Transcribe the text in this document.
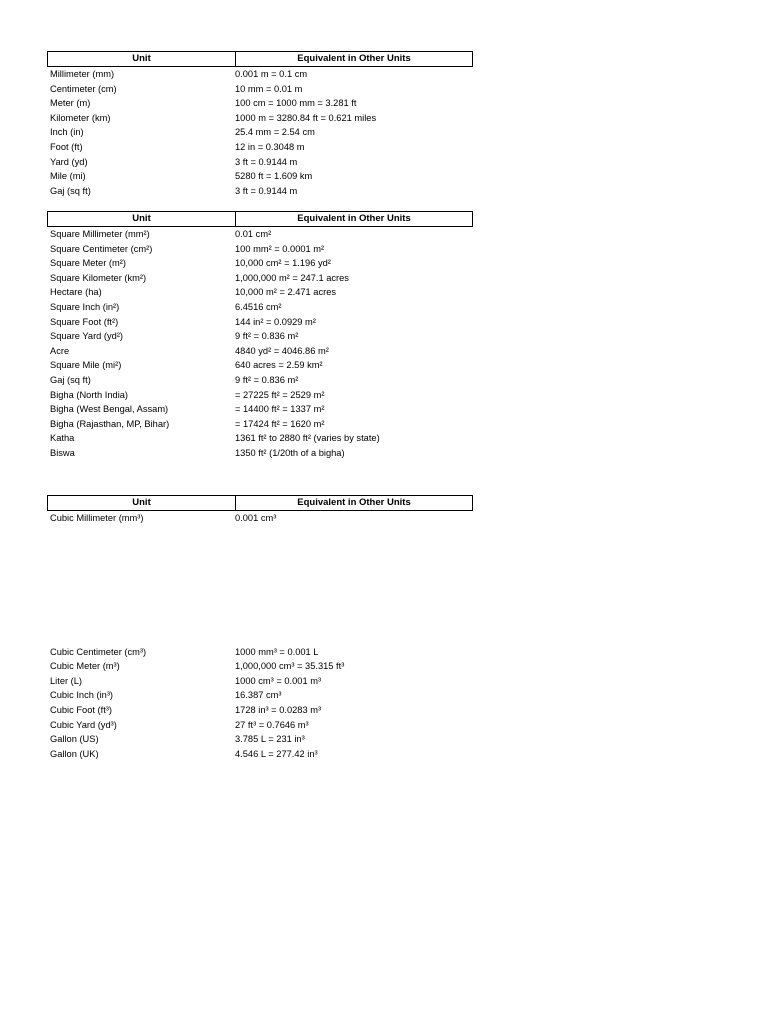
Unit	Equivalent in Other Units
Millimeter (mm)	0.001 m = 0.1 cm
Centimeter (cm)	10 mm = 0.01 m
Meter (m)	100 cm = 1000 mm = 3.281 ft
Kilometer (km)	1000 m = 3280.84 ft = 0.621 miles
Inch (in)	25.4 mm = 2.54 cm
Foot (ft)	12 in = 0.3048 m
Yard (yd)	3 ft = 0.9144 m
Mile (mi)	5280 ft = 1.609 km
Gaj (sq ft)	3 ft = 0.9144 m
Unit	Equivalent in Other Units
Square Millimeter (mm²)	0.01 cm²
Square Centimeter (cm²)	100 mm² = 0.0001 m²
Square Meter (m²)	10,000 cm² = 1.196 yd²
Square Kilometer (km²)	1,000,000 m² = 247.1 acres
Hectare (ha)	10,000 m² = 2.471 acres
Square Inch (in²)	6.4516 cm²
Square Foot (ft²)	144 in² = 0.0929 m²
Square Yard (yd²)	9 ft² = 0.836 m²
Acre	4840 yd² = 4046.86 m²
Square Mile (mi²)	640 acres = 2.59 km²
Gaj (sq ft)	9 ft² = 0.836 m²
Bigha (North India)	= 27225 ft² = 2529 m²
Bigha (West Bengal, Assam)	= 14400 ft² = 1337 m²
Bigha (Rajasthan, MP, Bihar)	= 17424 ft² = 1620 m²
Katha	1361 ft² to 2880 ft² (varies by state)
Biswa	1350 ft² (1/20th of a bigha)
Unit	Equivalent in Other Units
Cubic Millimeter (mm³)	0.001 cm³
Cubic Centimeter (cm³)	1000 mm³ = 0.001 L
Cubic Meter (m³)	1,000,000 cm³ = 35.315 ft³
Liter (L)	1000 cm³ = 0.001 m³
Cubic Inch (in³)	16.387 cm³
Cubic Foot (ft³)	1728 in³ = 0.0283 m³
Cubic Yard (yd³)	27 ft³ = 0.7646 m³
Gallon (US)	3.785 L = 231 in³
Gallon (UK)	4.546 L = 277.42 in³
